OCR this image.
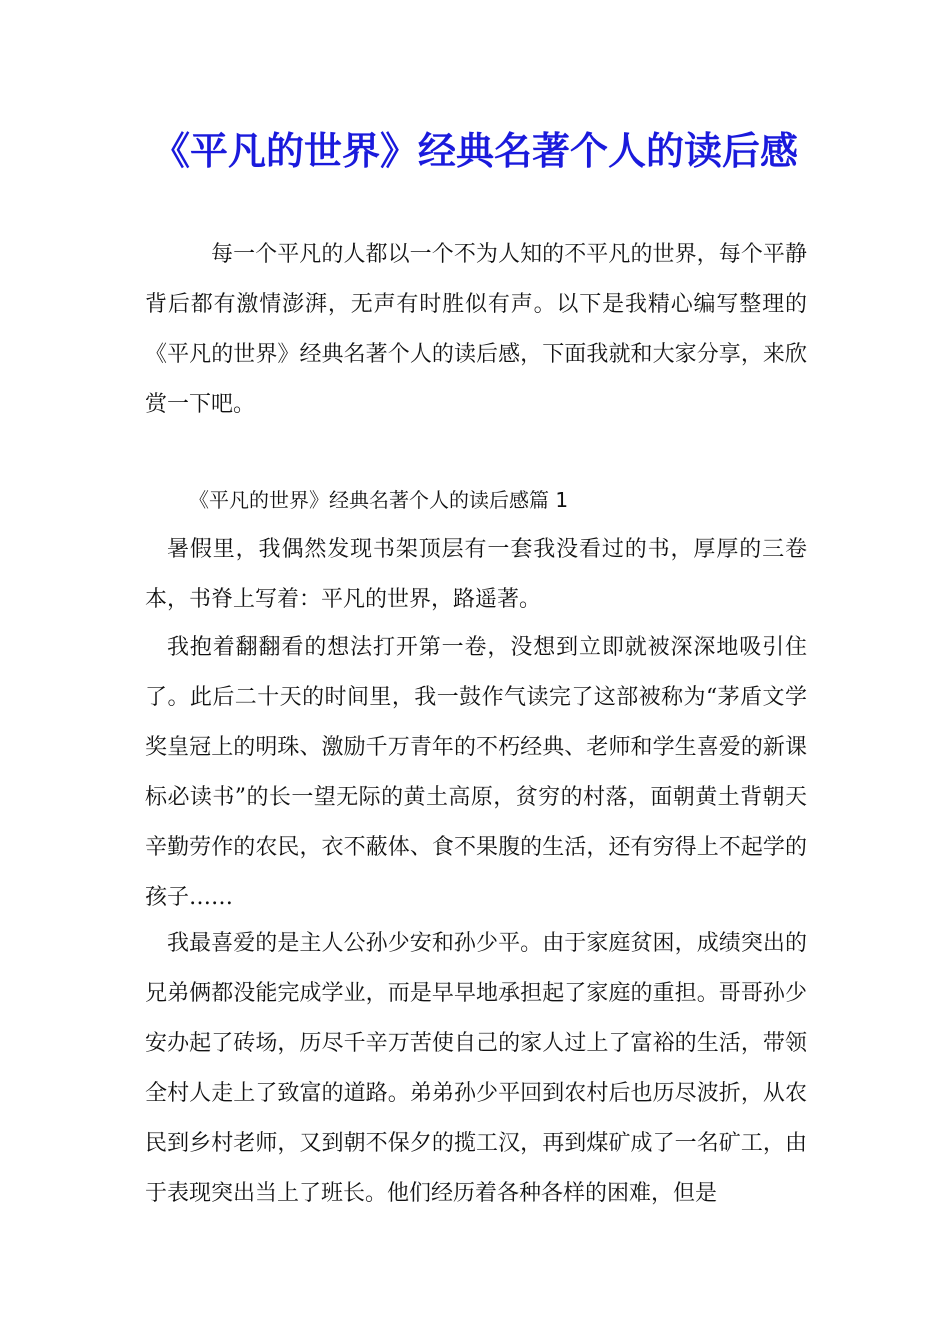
《平凡的世界》经典名著个人的读后感

每一个平凡的人都以一个不为人知的不平凡的世界，每个平静背后都有激情澎湃，无声有时胜似有声。以下是我精心编写整理的《平凡的世界》经典名著个人的读后感，下面我就和大家分享，来欣赏一下吧。

《平凡的世界》经典名著个人的读后感篇 1

暑假里，我偶然发现书架顶层有一套我没看过的书，厚厚的三卷本，书脊上写着：平凡的世界，路遥著。

我抱着翻翻看的想法打开第一卷，没想到立即就被深深地吸引住了。此后二十天的时间里，我一鼓作气读完了这部被称为“茅盾文学奖皇冠上的明珠、激励千万青年的不朽经典、老师和学生喜爱的新课标必读书”的长一望无际的黄土高原，贫穷的村落，面朝黄土背朝天辛勤劳作的农民，衣不蔽体、食不果腹的生活，还有穷得上不起学的孩子……

我最喜爱的是主人公孙少安和孙少平。由于家庭贫困，成绩突出的兄弟俩都没能完成学业，而是早早地承担起了家庭的重担。哥哥孙少安办起了砖场，历尽千辛万苦使自己的家人过上了富裕的生活，带领全村人走上了致富的道路。弟弟孙少平回到农村后也历尽波折，从农民到乡村老师，又到朝不保夕的揽工汉，再到煤矿成了一名矿工，由于表现突出当上了班长。他们经历着各种各样的困难，但是
